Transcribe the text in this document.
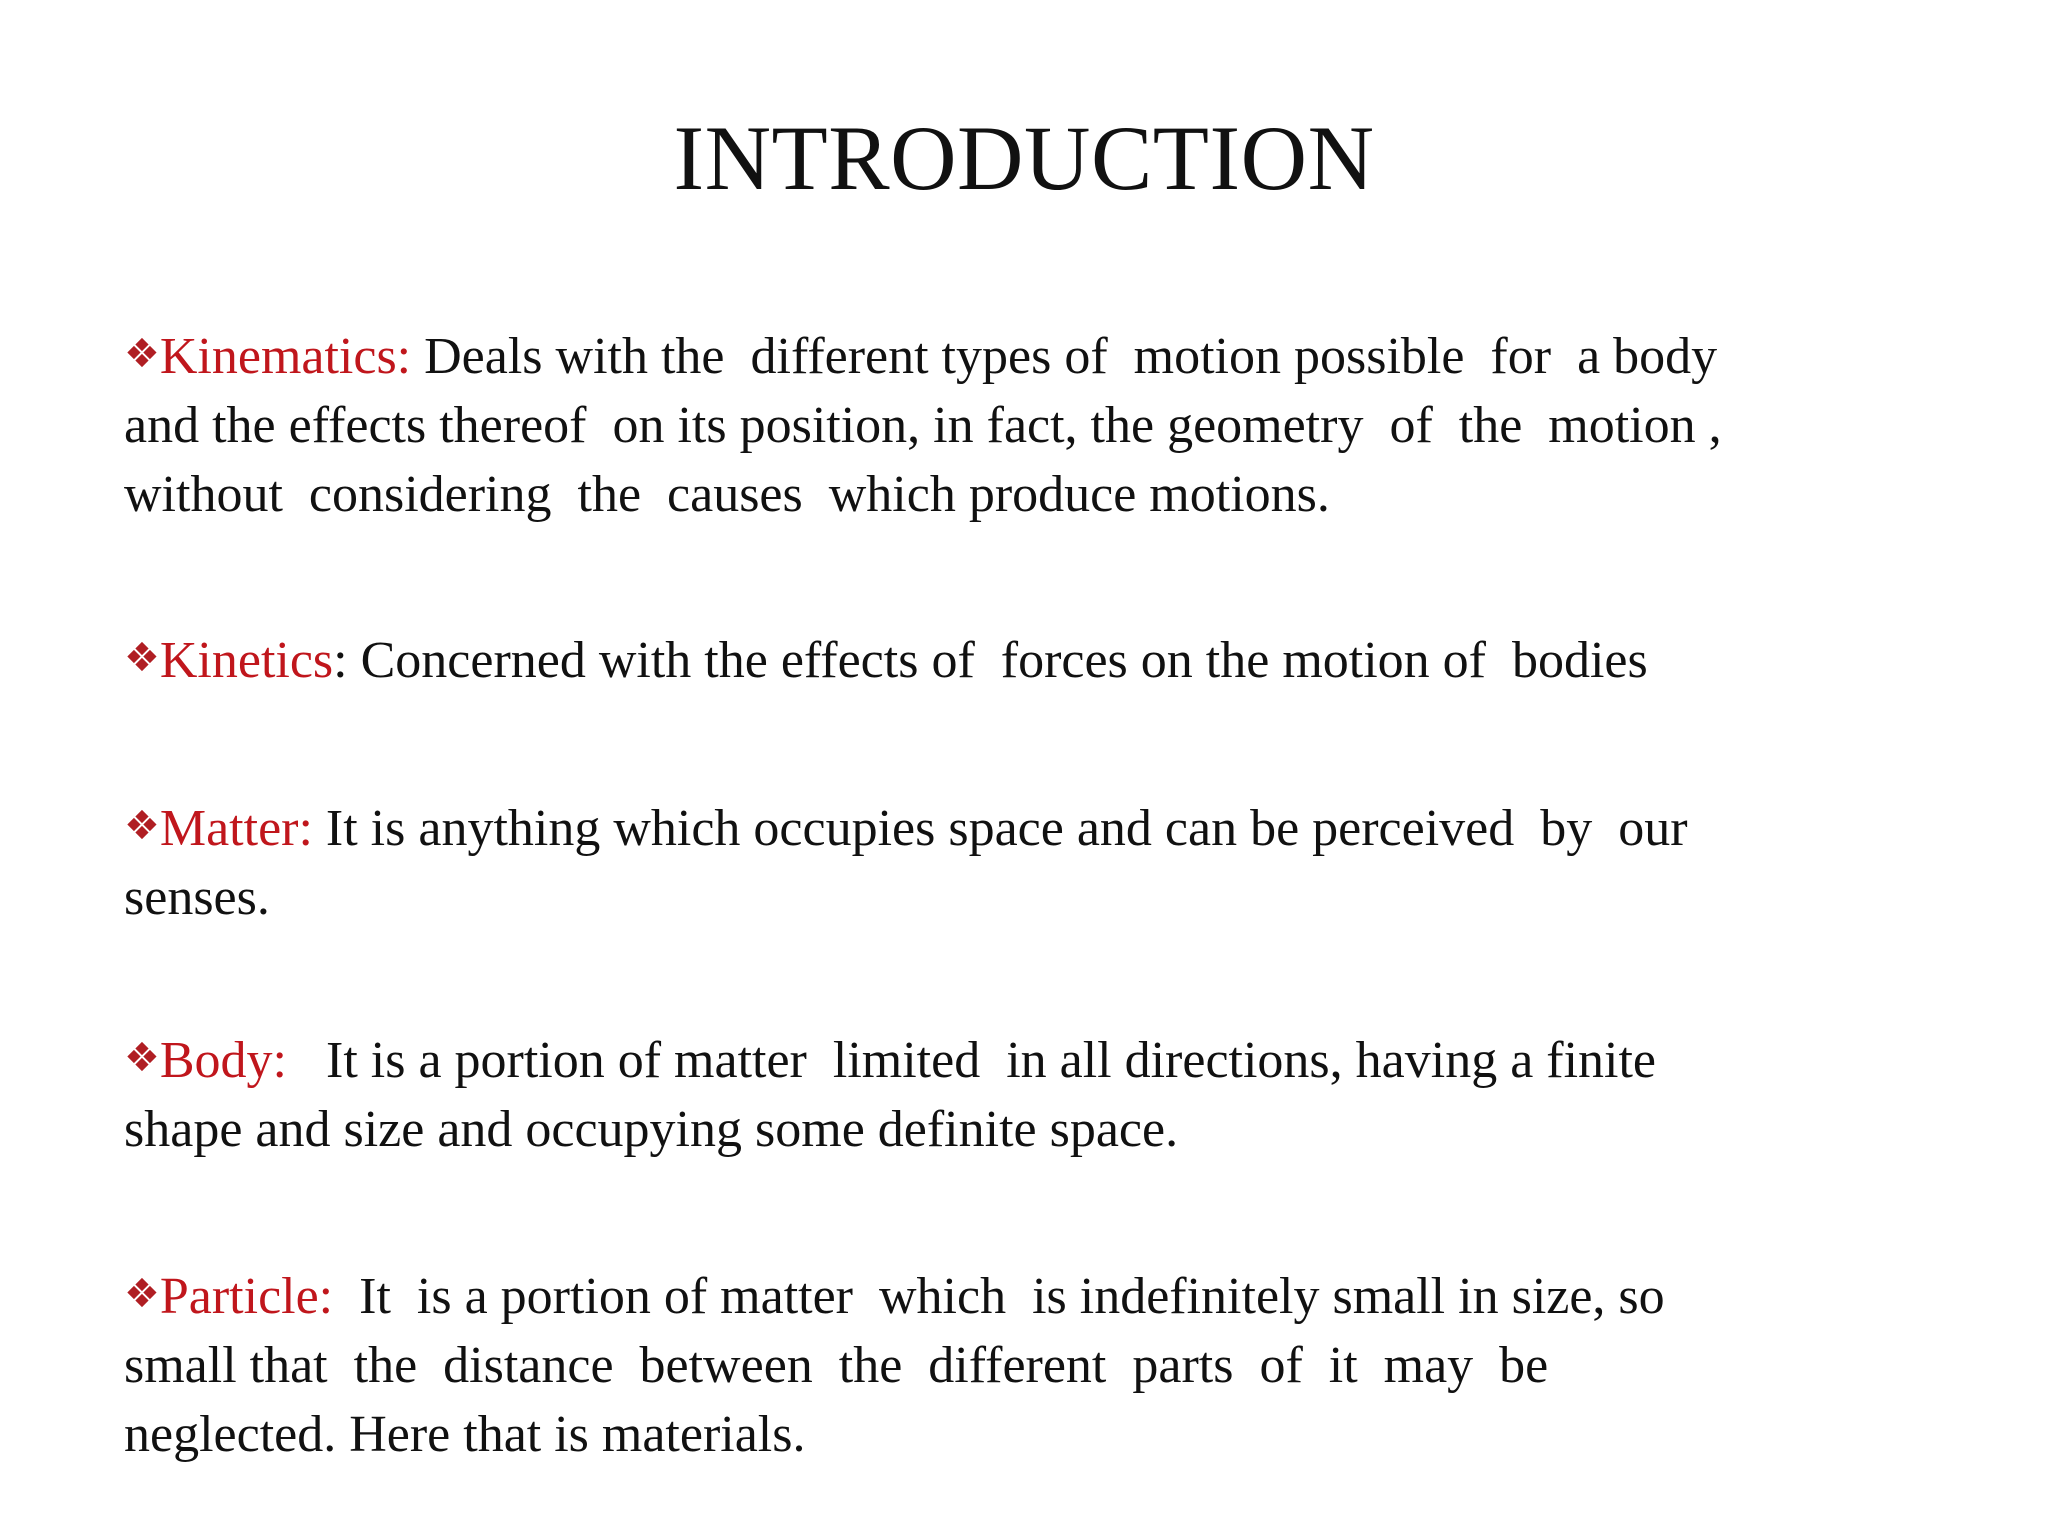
INTRODUCTION
❖Kinematics: Deals with the  different types of  motion possible  for  a body
and the effects thereof  on its position, in fact, the geometry  of  the  motion ,
without  considering  the  causes  which produce motions.
❖Kinetics: Concerned with the effects of  forces on the motion of  bodies
❖Matter: It is anything which occupies space and can be perceived  by  our
senses.
❖Body:   It is a portion of matter  limited  in all directions, having a finite
shape and size and occupying some definite space.
❖Particle:  It  is a portion of matter  which  is indefinitely small in size, so
small that  the  distance  between  the  different  parts  of  it  may  be
neglected. Here that is materials.
